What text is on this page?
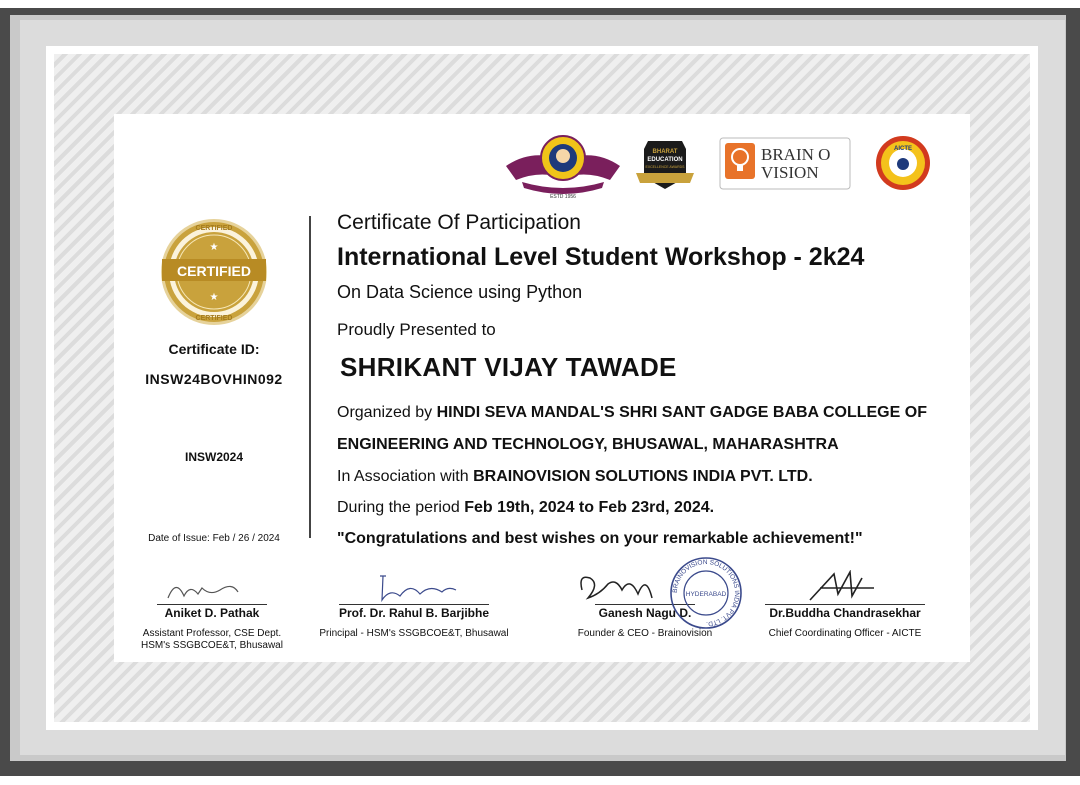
ESTD 1956
BHARAT
EDUCATION
EXCELLENCE AWARDS
BRAIN O
VISION
AICTE
CERTIFIED
CERTIFIED
CERTIFIED
★
★
Certificate ID:
INSW24BOVHIN092
INSW2024
Date of Issue: Feb / 26 / 2024
Certificate Of Participation
International Level Student Workshop - 2k24
On Data Science using Python
Proudly Presented to
SHRIKANT VIJAY TAWADE
Organized by HINDI SEVA MANDAL'S SHRI SANT GADGE BABA COLLEGE OF
ENGINEERING AND TECHNOLOGY, BHUSAWAL, MAHARASHTRA
In Association with BRAINOVISION SOLUTIONS INDIA PVT. LTD.
During the period Feb 19th, 2024 to Feb 23rd, 2024.
"Congratulations and best wishes on your remarkable achievement!"
Aniket D. Pathak
Assistant Professor, CSE Dept.
HSM's SSGBCOE&T, Bhusawal
Prof. Dr. Rahul B. Barjibhe
Principal - HSM's SSGBCOE&T, Bhusawal
Ganesh Nagu D.
Founder & CEO - Brainovision
BRAINOVISION SOLUTIONS INDIA PVT. LTD.
HYDERABAD
Dr.Buddha Chandrasekhar
Chief Coordinating Officer - AICTE
